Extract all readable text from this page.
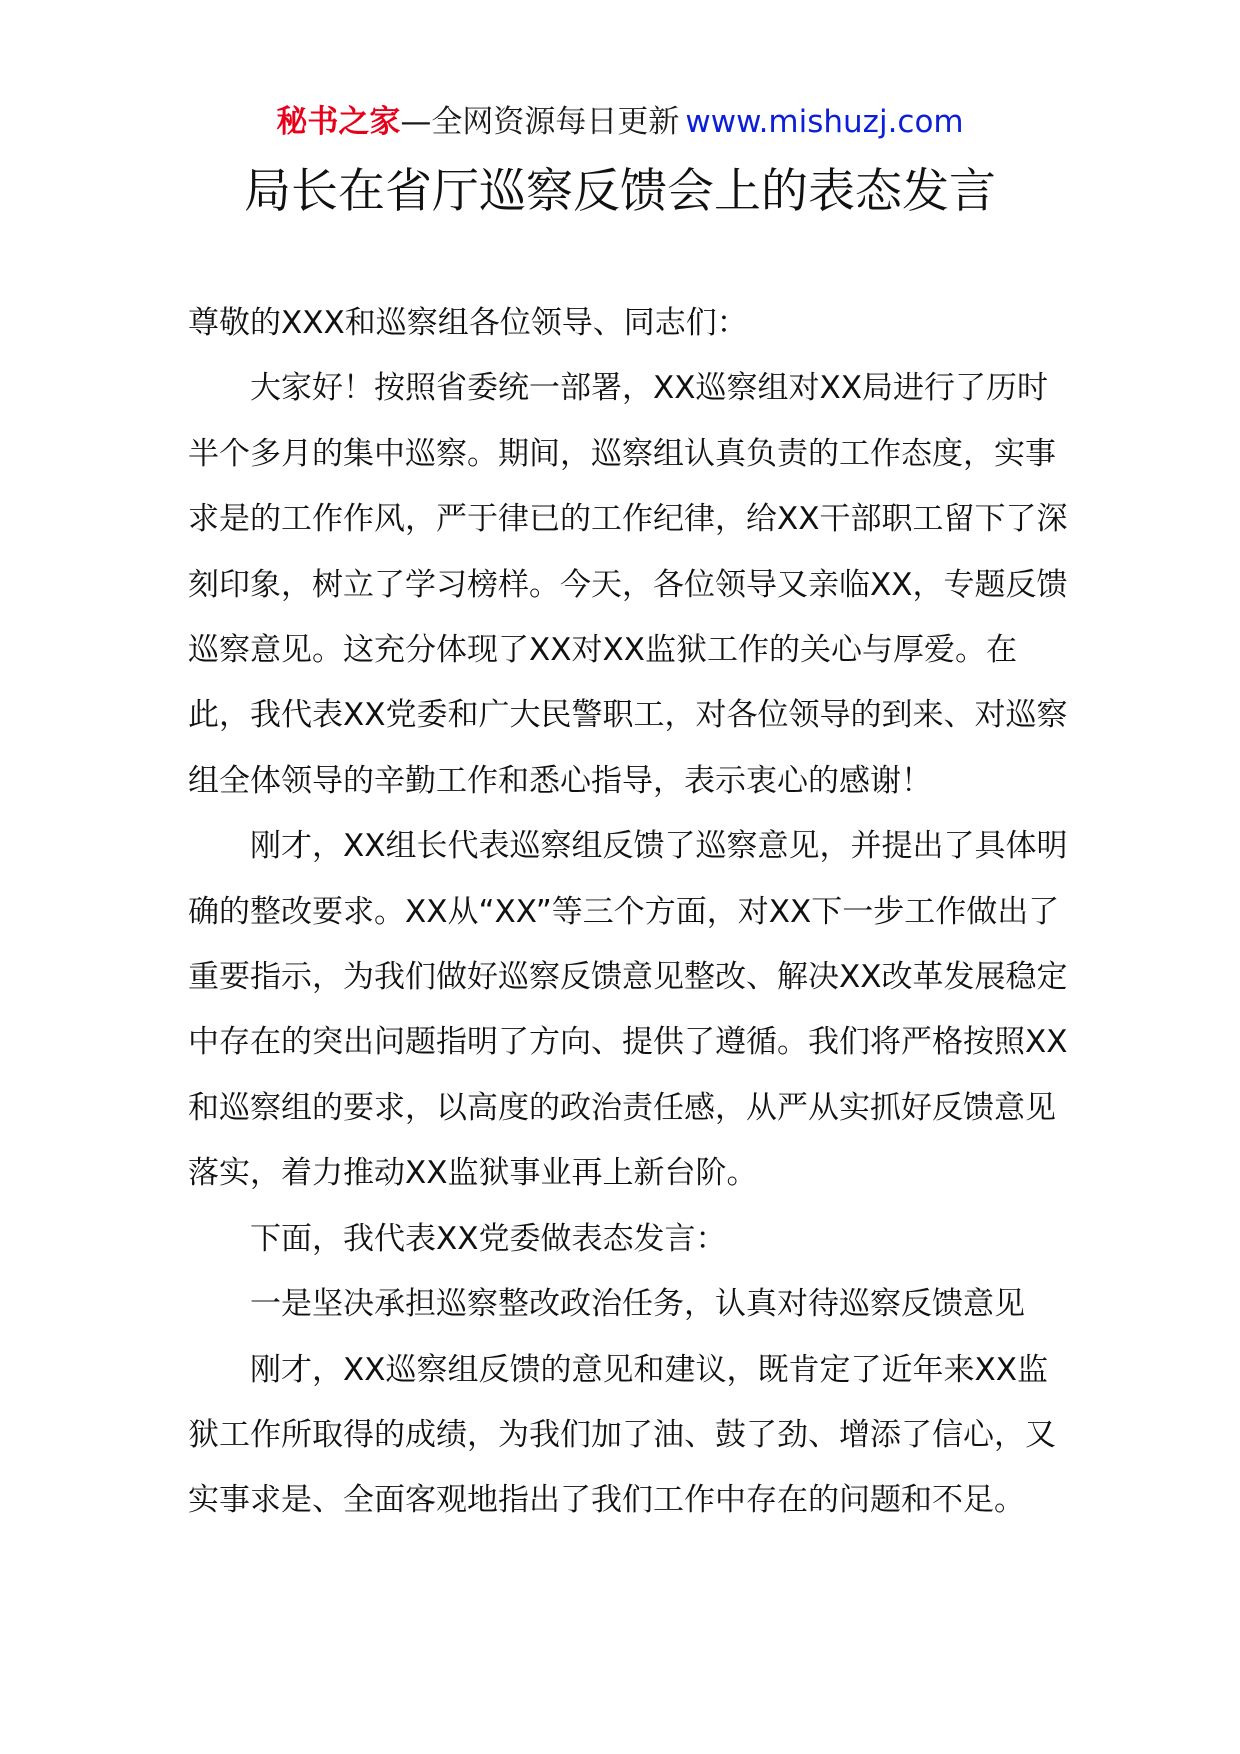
秘书之家—全网资源每日更新 www.mishuzj.com
局长在省厅巡察反馈会上的表态发言

尊敬的XXX和巡察组各位领导、同志们：

大家好！按照省委统一部署，XX巡察组对XX局进行了历时半个多月的集中巡察。期间，巡察组认真负责的工作态度，实事求是的工作作风，严于律已的工作纪律，给XX干部职工留下了深刻印象，树立了学习榜样。今天，各位领导又亲临XX，专题反馈巡察意见。这充分体现了XX对XX监狱工作的关心与厚爱。在此，我代表XX党委和广大民警职工，对各位领导的到来、对巡察组全体领导的辛勤工作和悉心指导，表示衷心的感谢！

刚才，XX组长代表巡察组反馈了巡察意见，并提出了具体明确的整改要求。XX从“XX”等三个方面，对XX下一步工作做出了重要指示，为我们做好巡察反馈意见整改、解决XX改革发展稳定中存在的突出问题指明了方向、提供了遵循。我们将严格按照XX和巡察组的要求，以高度的政治责任感，从严从实抓好反馈意见落实，着力推动XX监狱事业再上新台阶。

下面，我代表XX党委做表态发言：

一是坚决承担巡察整改政治任务，认真对待巡察反馈意见

刚才，XX巡察组反馈的意见和建议，既肯定了近年来XX监狱工作所取得的成绩，为我们加了油、鼓了劲、增添了信心，又实事求是、全面客观地指出了我们工作中存在的问题和不足。
